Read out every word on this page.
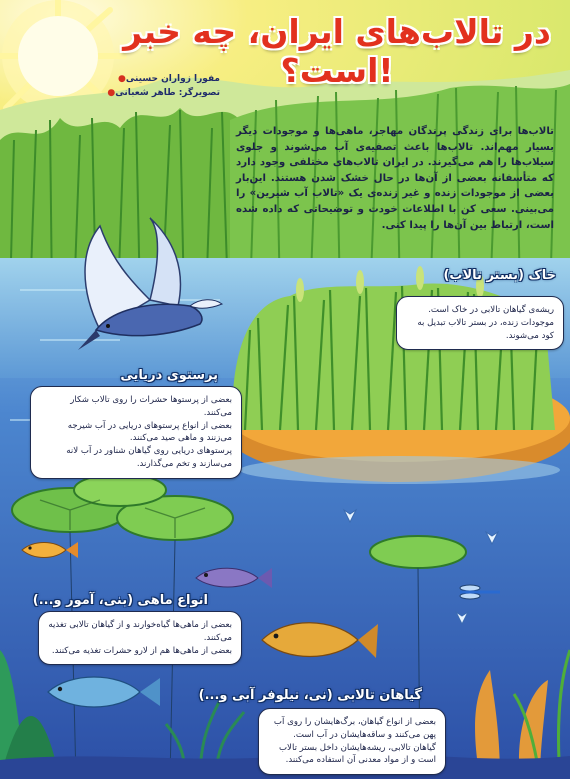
در تالاب‌های ایران، چه خبر است؟!
●مفورا زواران حسینی
●تصویرگر: طاهر شعبانی
تالاب‌ها برای زندگی پرندگان مهاجر، ماهی‌ها و موجودات دیگر بسیار مهم‌اند. تالاب‌ها باعث تصفیه‌ی آب می‌شوند و جلوی سیلاب‌ها را هم می‌گیرند. در ایران تالاب‌های مختلفی وجود دارد که متأسفانه بعضی از آن‌ها در حال خشک شدن هستند. این‌بار بعضی از موجودات زنده و غیر زنده‌ی یک «تالاب آب شیرین» را می‌بینی. سعی کن با اطلاعات خودت و توضیحاتی که داده شده است، ارتباط بین آن‌ها را پیدا کنی.
خاک (بستر تالاب)

ریشه‌ی گیاهان تالابی در خاک است. موجودات زنده، در بستر تالاب تبدیل به کود می‌شوند.

پرستوی دریایی

بعضی از پرستوها حشرات را روی تالاب شکار می‌کنند.

بعضی از انواع پرستوهای دریایی در آب شیرجه می‌زنند و ماهی صید می‌کنند.

پرستوهای دریایی روی گیاهان شناور در آب لانه می‌سازند و تخم می‌گذارند.

انواع ماهی (بنی، آمور و...)

بعضی از ماهی‌ها گیاه‌خوارند و از گیاهان تالابی تغذیه می‌کنند.

بعضی از ماهی‌ها هم از لارو حشرات تغذیه می‌کنند.

گیاهان تالابی (نی، نیلوفر آبی و...)

بعضی از انواع گیاهان، برگ‌هایشان را روی آب پهن می‌کنند و ساقه‌هایشان در آب است.

گیاهان تالابی، ریشه‌هایشان داخل بستر تالاب است و از مواد معدنی آن استفاده می‌کنند.
